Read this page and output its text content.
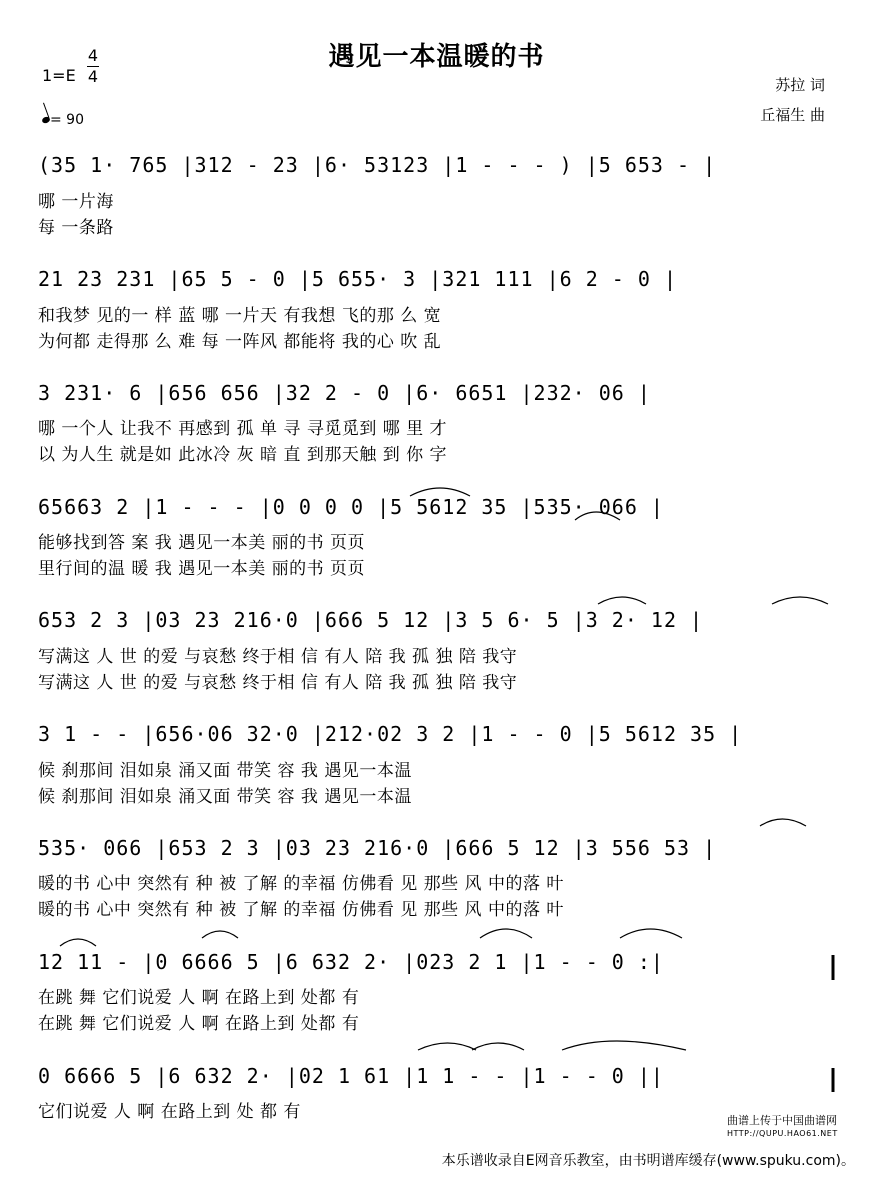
遇见一本温暖的书
1=E
4
4
= 90
苏拉 词
丘福生 曲
(35 1· 765 |312 - 23 |6· 53123 |1 - - - ) |5 653 - |
哪 一片海
每 一条路
21 23 231 |65 5 - 0 |5 655· 3 |321 111 |6 2 - 0 |
和我梦 见的一 样 蓝 哪 一片天 有我想 飞的那 么 宽
为何都 走得那 么 难 每 一阵风 都能将 我的心 吹 乱
3 231· 6 |656 656 |32 2 - 0 |6· 6651 |232· 06 |
哪 一个人 让我不 再感到 孤 单 寻 寻觅觅到 哪 里 才
以 为人生 就是如 此冰冷 灰 暗 直 到那天触 到 你 字
65663 2 |1 - - - |0 0 0 0 |5 5612 35 |535· 066 |
能够找到答 案 我 遇见一本美 丽的书 页页
里行间的温 暖 我 遇见一本美 丽的书 页页
653 2 3 |03 23 216·0 |666 5 12 |3 5 6· 5 |3 2· 12 |
写满这 人 世 的爱 与哀愁 终于相 信 有人 陪 我 孤 独 陪 我守
写满这 人 世 的爱 与哀愁 终于相 信 有人 陪 我 孤 独 陪 我守
3 1 - - |656·06 32·0 |212·02 3 2 |1 - - 0 |5 5612 35 |
候 刹那间 泪如泉 涌又面 带笑 容 我 遇见一本温
候 刹那间 泪如泉 涌又面 带笑 容 我 遇见一本温
535· 066 |653 2 3 |03 23 216·0 |666 5 12 |3 556 53 |
暖的书 心中 突然有 种 被 了解 的幸福 仿佛看 见 那些 风 中的落 叶
暖的书 心中 突然有 种 被 了解 的幸福 仿佛看 见 那些 风 中的落 叶
12 11 - |0 6666 5 |6 632 2· |023 2 1 |1 - - 0 :|
在跳 舞 它们说爱 人 啊 在路上到 处都 有
在跳 舞 它们说爱 人 啊 在路上到 处都 有
0 6666 5 |6 632 2· |02 1 61 |1 1 - - |1 - - 0 ||
它们说爱 人 啊 在路上到 处 都 有	曲谱上传于中国曲谱网
HTTP://QUPU.HAO61.NET
本乐谱收录自E网音乐教室，由书明谱库缓存(www.spuku.com)。
